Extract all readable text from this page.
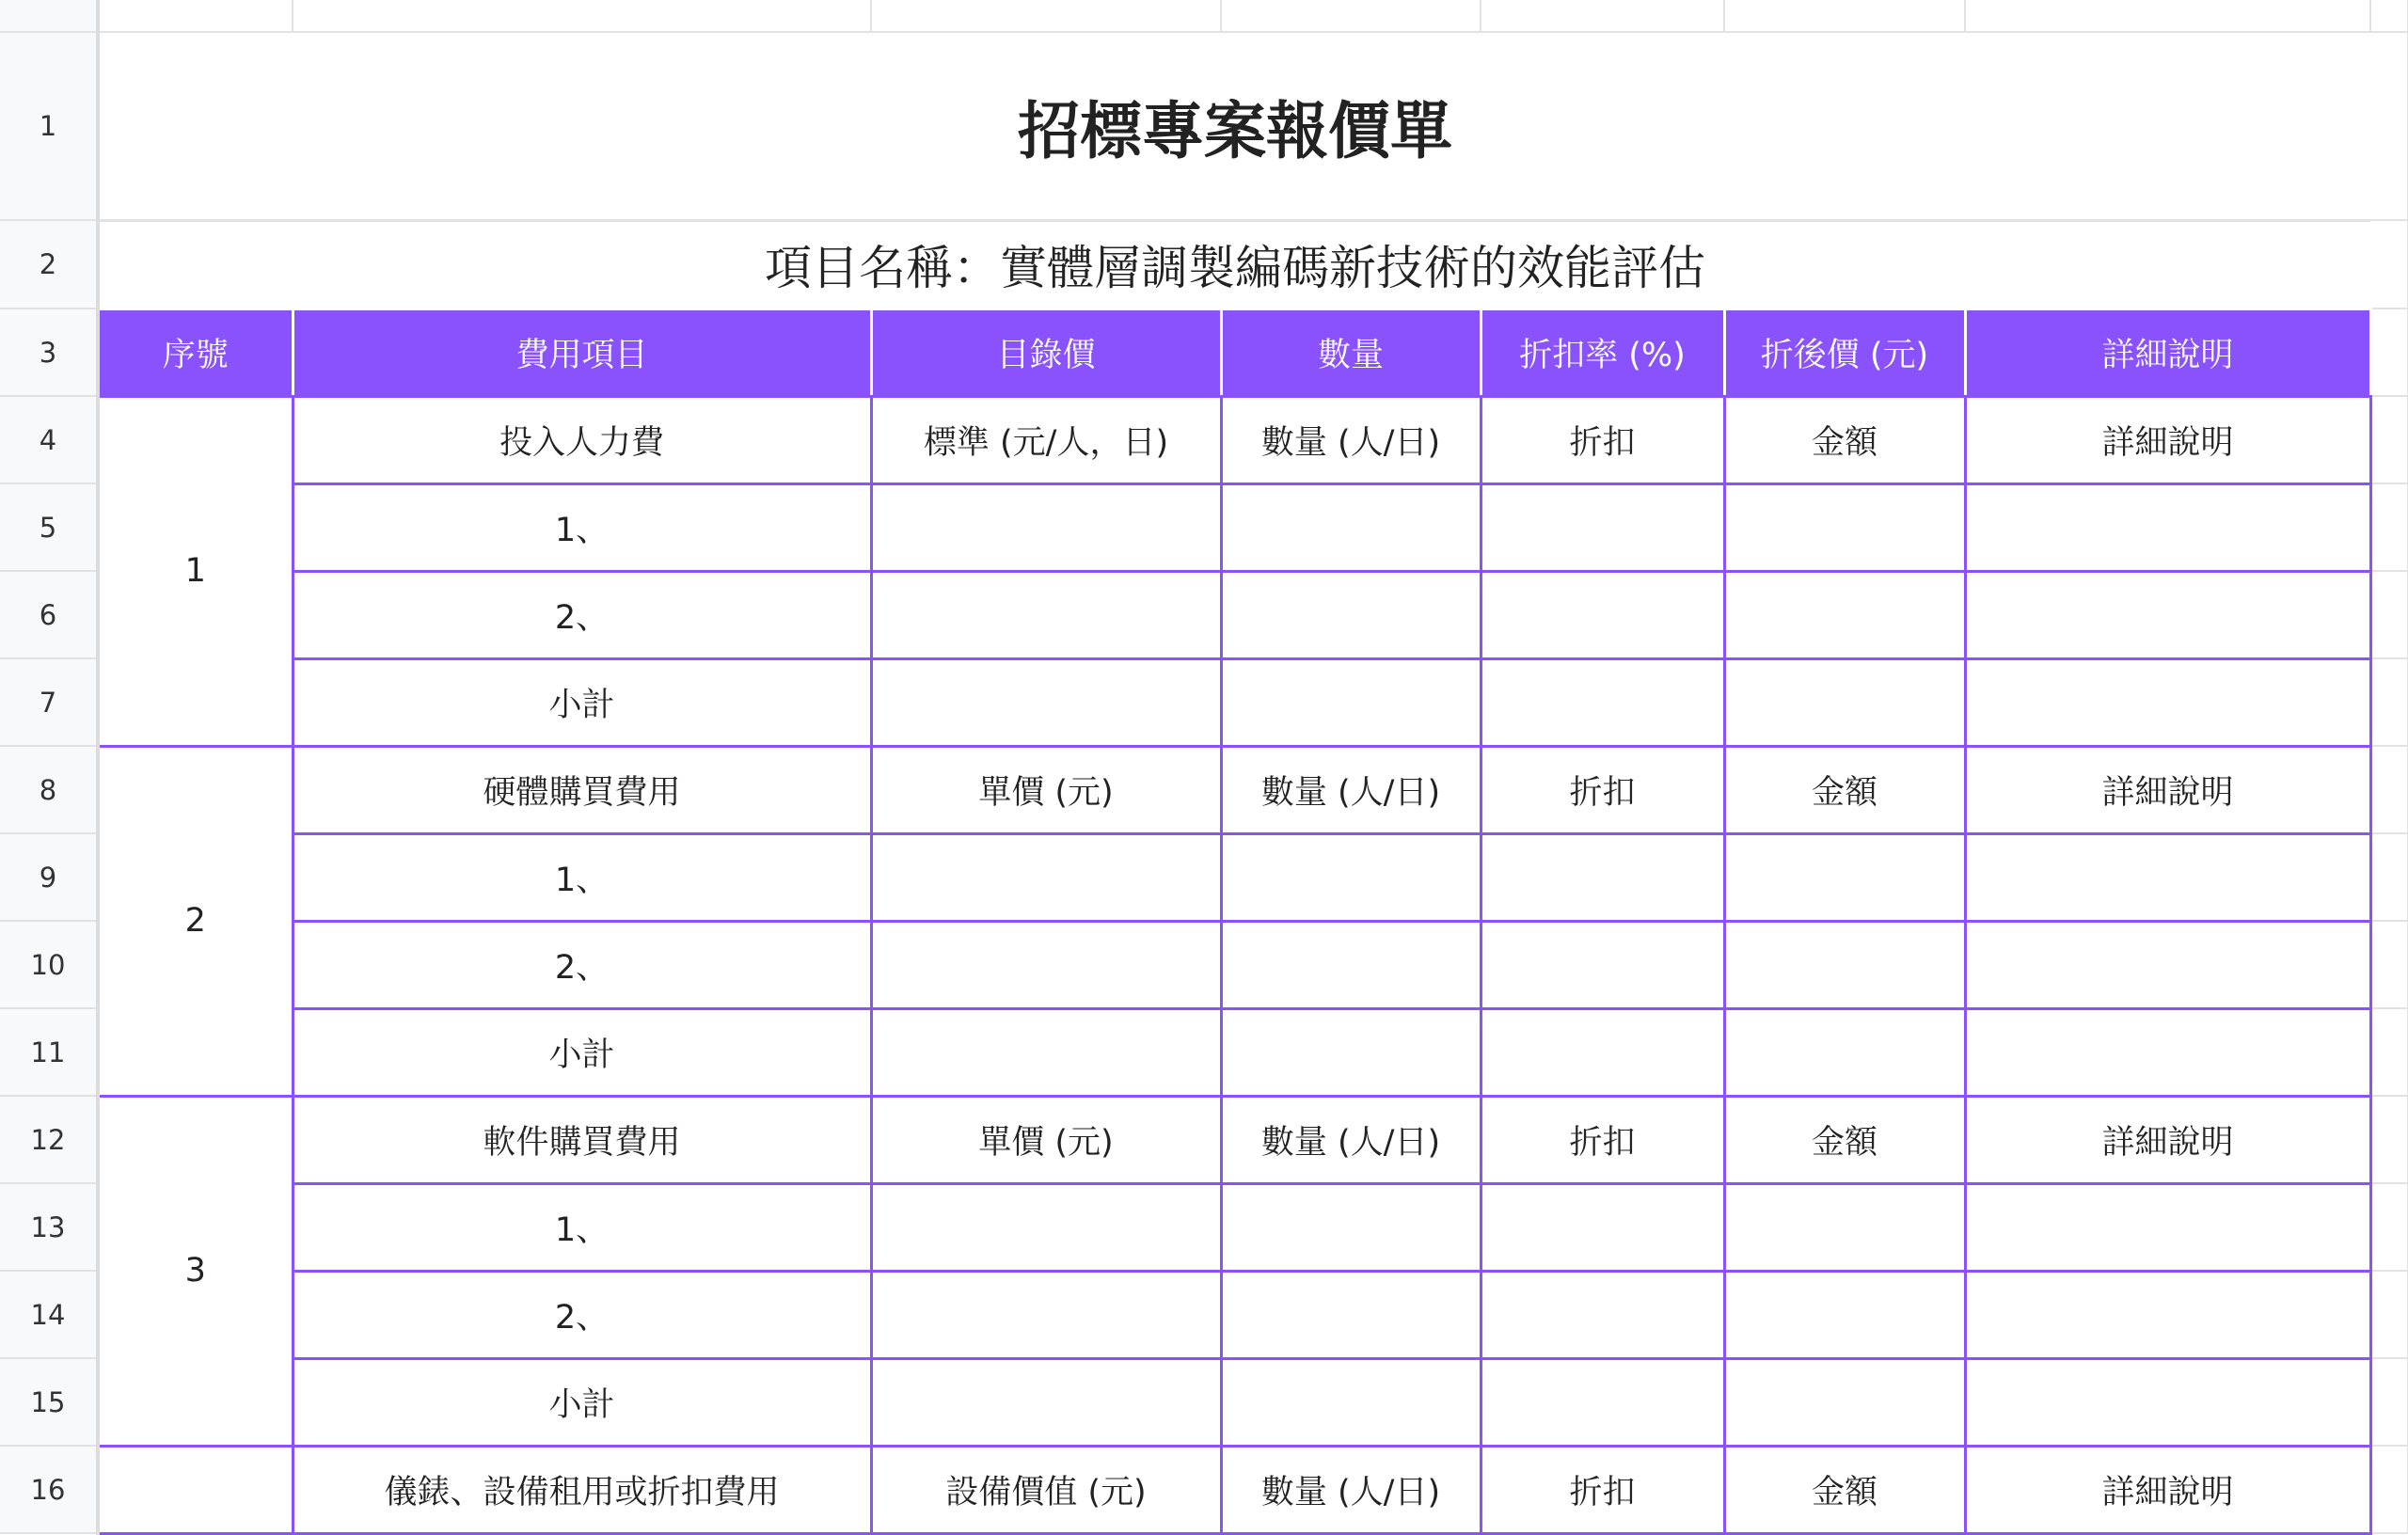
1	招標專案報價單							
2	項目名稱：實體層調製編碼新技術的效能評估							
3	序號	費用項目	目錄價	數量	折扣率 (%)	折後價 (元)	詳細說明	
4	1	投入人力費	標準 (元/人，日)	數量 (人/日)	折扣	金額	詳細說明	
5		1、						
6		2、						
7		小計						
8	2	硬體購買費用	單價 (元)	數量 (人/日)	折扣	金額	詳細說明	
9		1、						
10		2、						
11		小計						
12	3	軟件購買費用	單價 (元)	數量 (人/日)	折扣	金額	詳細說明	
13		1、						
14		2、						
15		小計						
16		儀錶、設備租用或折扣費用	設備價值 (元)	數量 (人/日)	折扣	金額	詳細說明	
